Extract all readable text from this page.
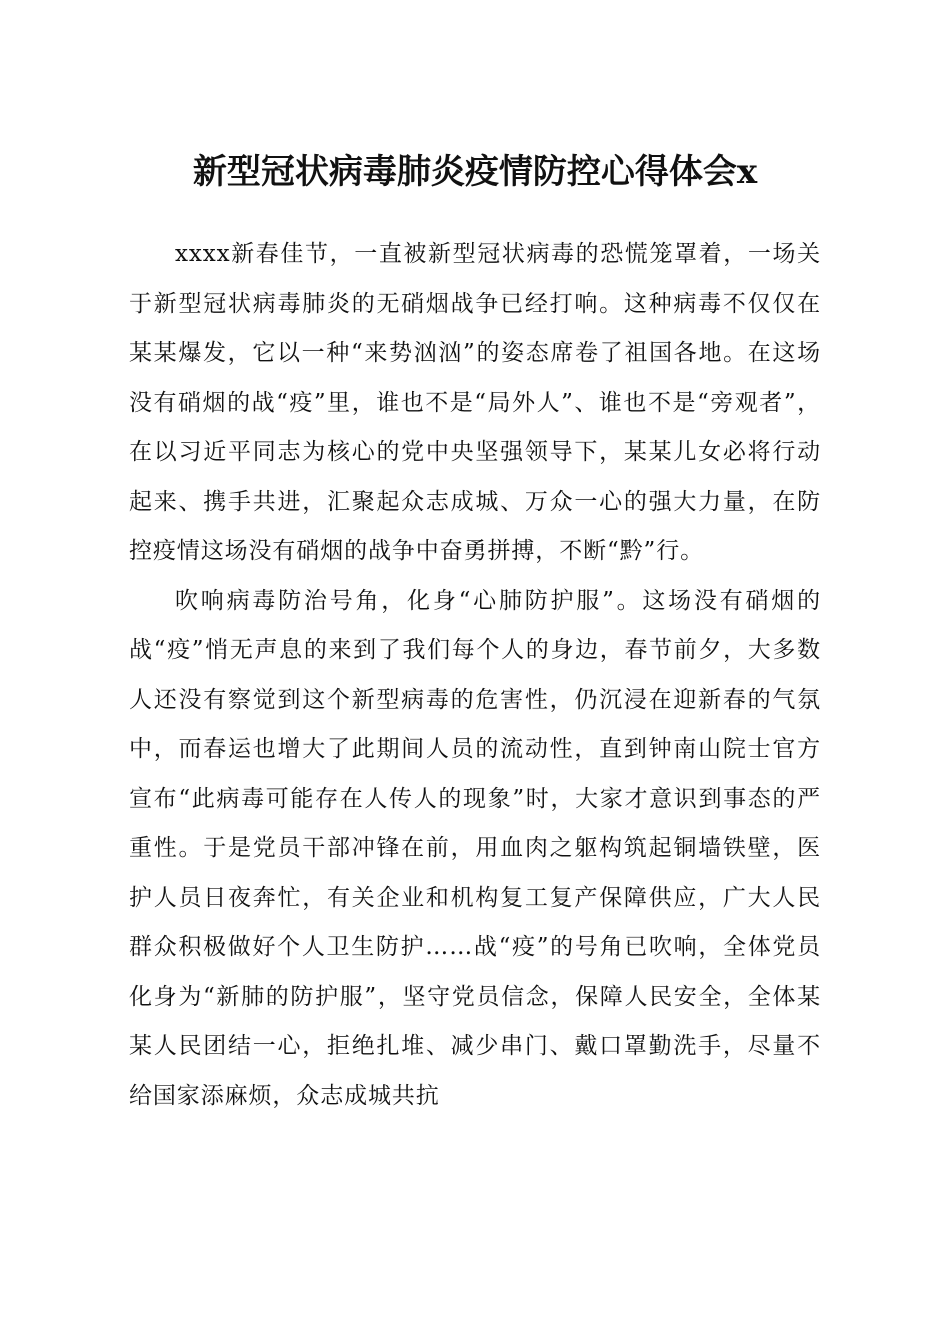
新型冠状病毒肺炎疫情防控心得体会x

xxxx新春佳节，一直被新型冠状病毒的恐慌笼罩着，一场关于新型冠状病毒肺炎的无硝烟战争已经打响。这种病毒不仅仅在某某爆发，它以一种“来势汹汹”的姿态席卷了祖国各地。在这场没有硝烟的战“疫”里，谁也不是“局外人”、谁也不是“旁观者”，在以习近平同志为核心的党中央坚强领导下，某某儿女必将行动起来、携手共进，汇聚起众志成城、万众一心的强大力量，在防控疫情这场没有硝烟的战争中奋勇拼搏，不断“黔”行。

吹响病毒防治号角，化身“心肺防护服”。这场没有硝烟的战“疫”悄无声息的来到了我们每个人的身边，春节前夕，大多数人还没有察觉到这个新型病毒的危害性，仍沉浸在迎新春的气氛中，而春运也增大了此期间人员的流动性，直到钟南山院士官方宣布“此病毒可能存在人传人的现象”时，大家才意识到事态的严重性。于是党员干部冲锋在前，用血肉之躯构筑起铜墙铁壁，医护人员日夜奔忙，有关企业和机构复工复产保障供应，广大人民群众积极做好个人卫生防护……战“疫”的号角已吹响，全体党员化身为“新肺的防护服”，坚守党员信念，保障人民安全，全体某某人民团结一心，拒绝扎堆、减少串门、戴口罩勤洗手，尽量不给国家添麻烦，众志成城共抗
